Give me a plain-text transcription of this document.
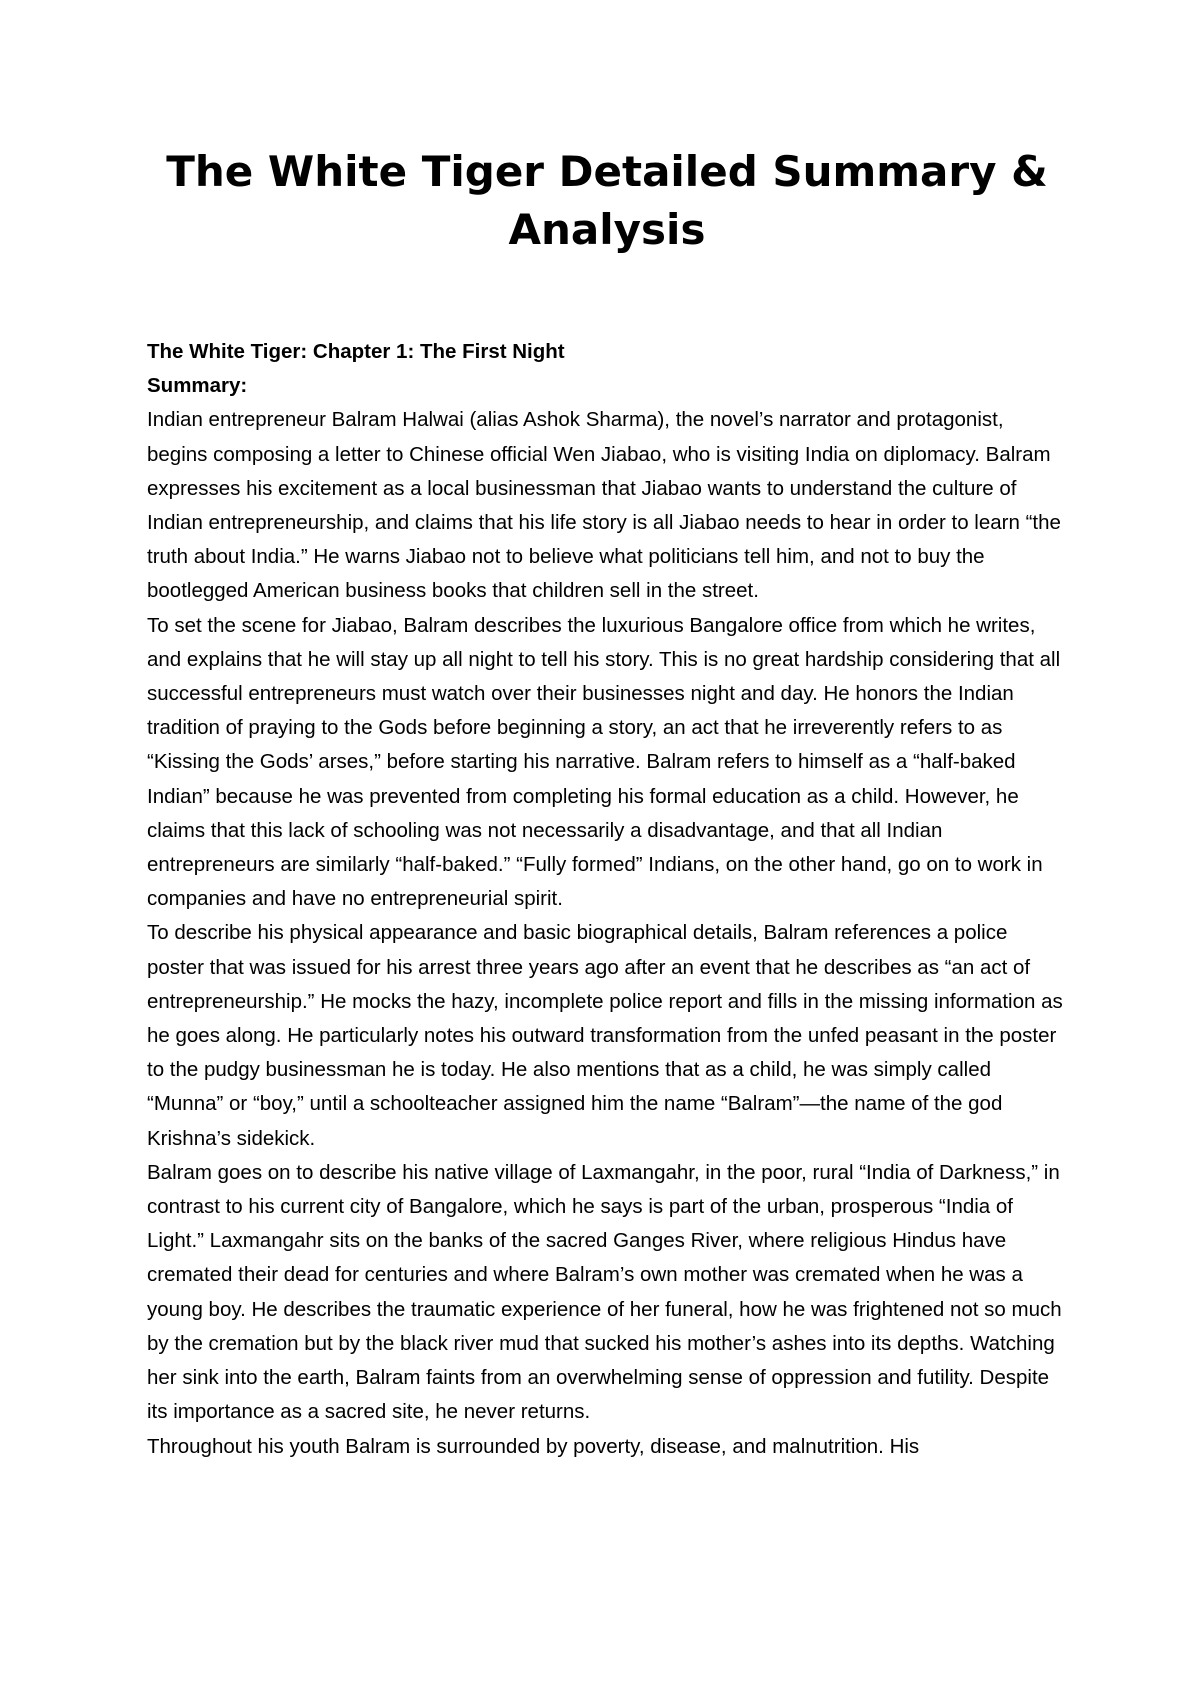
The White Tiger Detailed Summary & Analysis

The White Tiger: Chapter 1: The First Night

Summary:

Indian entrepreneur Balram Halwai (alias Ashok Sharma), the novel’s narrator and protagonist, begins composing a letter to Chinese official Wen Jiabao, who is visiting India on diplomacy. Balram expresses his excitement as a local businessman that Jiabao wants to understand the culture of Indian entrepreneurship, and claims that his life story is all Jiabao needs to hear in order to learn “the truth about India.” He warns Jiabao not to believe what politicians tell him, and not to buy the bootlegged American business books that children sell in the street.

To set the scene for Jiabao, Balram describes the luxurious Bangalore office from which he writes, and explains that he will stay up all night to tell his story. This is no great hardship considering that all successful entrepreneurs must watch over their businesses night and day. He honors the Indian tradition of praying to the Gods before beginning a story, an act that he irreverently refers to as “Kissing the Gods’ arses,” before starting his narrative. Balram refers to himself as a “half-baked Indian” because he was prevented from completing his formal education as a child. However, he claims that this lack of schooling was not necessarily a disadvantage, and that all Indian entrepreneurs are similarly “half-baked.” “Fully formed” Indians, on the other hand, go on to work in companies and have no entrepreneurial spirit.

To describe his physical appearance and basic biographical details, Balram references a police poster that was issued for his arrest three years ago after an event that he describes as “an act of entrepreneurship.” He mocks the hazy, incomplete police report and fills in the missing information as he goes along. He particularly notes his outward transformation from the unfed peasant in the poster to the pudgy businessman he is today. He also mentions that as a child, he was simply called “Munna” or “boy,” until a schoolteacher assigned him the name “Balram”—the name of the god Krishna’s sidekick.

Balram goes on to describe his native village of Laxmangahr, in the poor, rural “India of Darkness,” in contrast to his current city of Bangalore, which he says is part of the urban, prosperous “India of Light.” Laxmangahr sits on the banks of the sacred Ganges River, where religious Hindus have cremated their dead for centuries and where Balram’s own mother was cremated when he was a young boy. He describes the traumatic experience of her funeral, how he was frightened not so much by the cremation but by the black river mud that sucked his mother’s ashes into its depths. Watching her sink into the earth, Balram faints from an overwhelming sense of oppression and futility. Despite its importance as a sacred site, he never returns.

Throughout his youth Balram is surrounded by poverty, disease, and malnutrition. His
